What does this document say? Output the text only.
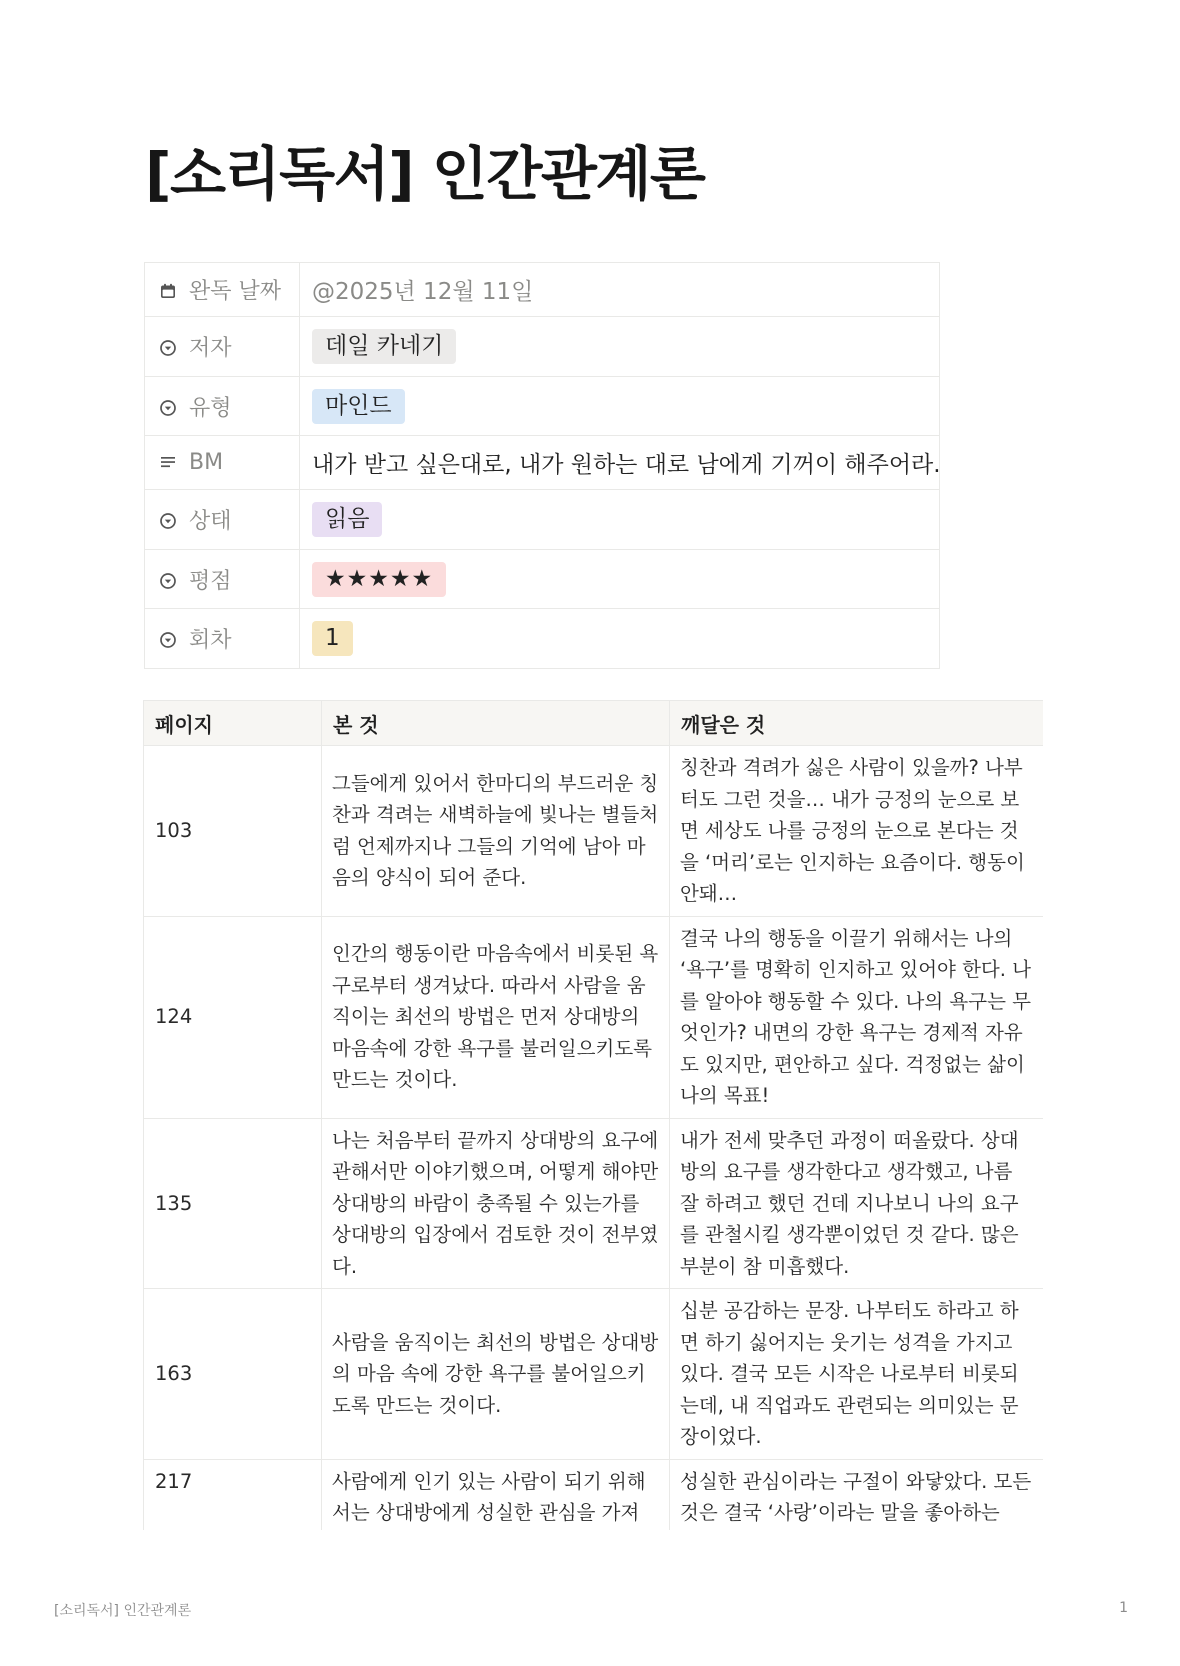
[소리독서] 인간관계론
완독 날짜	@2025년 12월 11일

저자	데일 카네기

유형	마인드

BM	내가 받고 싶은대로, 내가 원하는 대로 남에게 기꺼이 해주어라.

상태	읽음

평점	★★★★★

회차	1
페이지	본 것	깨달은 것
103	그들에게 있어서 한마디의 부드러운 칭찬과 격려는 새벽하늘에 빛나는 별들처럼 언제까지나 그들의 기억에 남아 마음의 양식이 되어 준다.	칭찬과 격려가 싫은 사람이 있을까? 나부터도 그런 것을… 내가 긍정의 눈으로 보면 세상도 나를 긍정의 눈으로 본다는 것을 ‘머리’로는 인지하는 요즘이다. 행동이 안돼…
124	인간의 행동이란 마음속에서 비롯된 욕구로부터 생겨났다. 따라서 사람을 움직이는 최선의 방법은 먼저 상대방의 마음속에 강한 욕구를 불러일으키도록 만드는 것이다.	결국 나의 행동을 이끌기 위해서는 나의 ‘욕구’를 명확히 인지하고 있어야 한다. 나를 알아야 행동할 수 있다. 나의 욕구는 무엇인가? 내면의 강한 욕구는 경제적 자유도 있지만, 편안하고 싶다. 걱정없는 삶이 나의 목표!
135	나는 처음부터 끝까지 상대방의 요구에 관해서만 이야기했으며, 어떻게 해야만 상대방의 바람이 충족될 수 있는가를 상대방의 입장에서 검토한 것이 전부였다.	내가 전세 맞추던 과정이 떠올랐다. 상대방의 요구를 생각한다고 생각했고, 나름 잘 하려고 했던 건데 지나보니 나의 요구를 관철시킬 생각뿐이었던 것 같다. 많은 부분이 참 미흡했다.
163	사람을 움직이는 최선의 방법은 상대방의 마음 속에 강한 욕구를 불어일으키도록 만드는 것이다.	십분 공감하는 문장. 나부터도 하라고 하면 하기 싫어지는 웃기는 성격을 가지고 있다. 결국 모든 시작은 나로부터 비롯되는데, 내 직업과도 관련되는 의미있는 문장이었다.
217	사람에게 인기 있는 사람이 되기 위해서는 상대방에게 성실한 관심을 가져	성실한 관심이라는 구절이 와닿았다. 모든 것은 결국 ‘사랑’이라는 말을 좋아하는
[소리독서] 인간관계론	1
